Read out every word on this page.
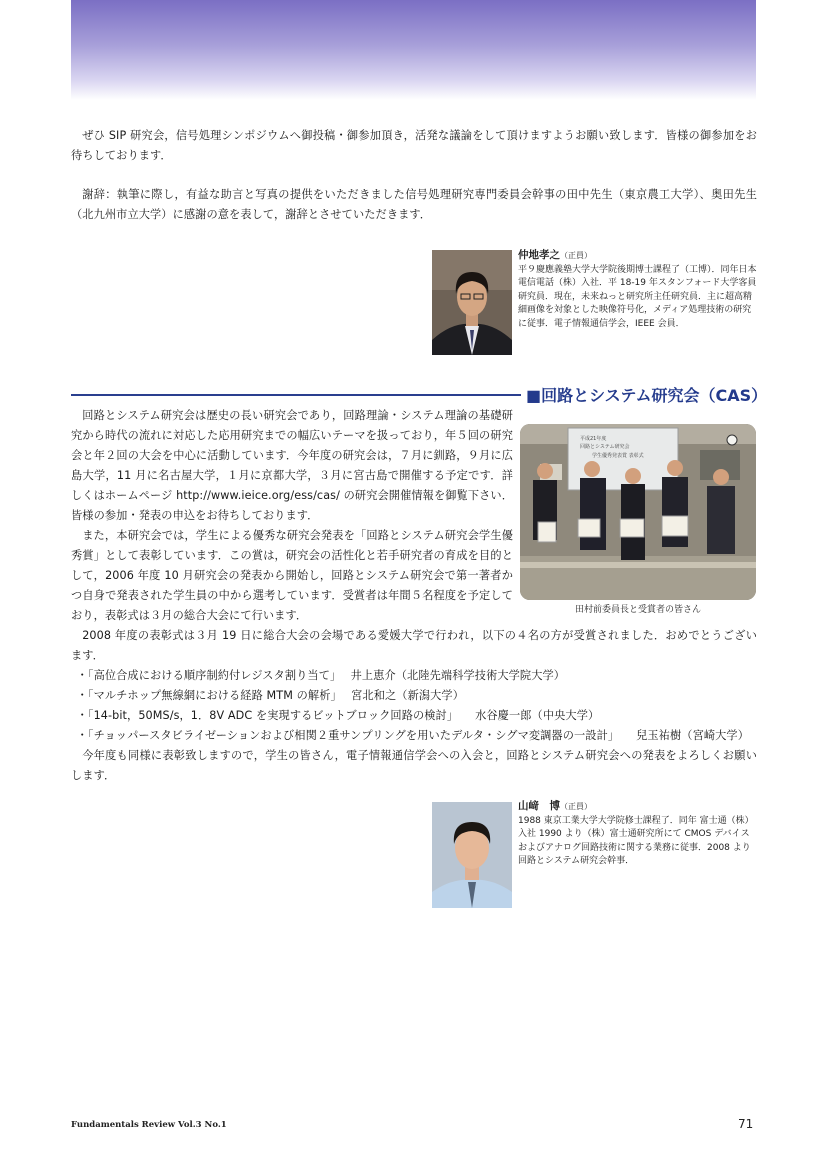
ぜひ SIP 研究会，信号処理シンポジウムへ御投稿・御参加頂き，活発な議論をして頂けますようお願い致します．皆様の御参加をお待ちしております．

謝辞：執筆に際し，有益な助言と写真の提供をいただきました信号処理研究専門委員会幹事の田中先生（東京農工大学）、奥田先生（北九州市立大学）に感謝の意を表して，謝辞とさせていただきます．

仲地孝之（正員）
平９慶應義塾大学大学院後期博士課程了（工博）．同年日本電信電話（株）入社．平 18-19 年スタンフォード大学客員研究員．現在，未来ねっと研究所主任研究員．主に超高精細画像を対象とした映像符号化，メディア処理技術の研究に従事．電子情報通信学会，IEEE 会員．
■回路とシステム研究会（CAS）
回路とシステム研究会は歴史の長い研究会であり，回路理論・システム理論の基礎研究から時代の流れに対応した応用研究までの幅広いテーマを扱っており，年５回の研究会と年２回の大会を中心に活動しています．今年度の研究会は，７月に釧路，９月に広島大学，11 月に名古屋大学，１月に京都大学，３月に宮古島で開催する予定です．詳しくはホームページ http://www.ieice.org/ess/cas/ の研究会開催情報を御覧下さい．皆様の参加・発表の申込をお待ちしております．
また，本研究会では，学生による優秀な研究会発表を「回路とシステム研究会学生優秀賞」として表彰しています．この賞は，研究会の活性化と若手研究者の育成を目的として，2006 年度 10 月研究会の発表から開始し，回路とシステム研究会で第一著者かつ自身で発表された学生員の中から選考しています．受賞者は年間５名程度を予定しており，表彰式は３月の総合大会にて行います．
平成21年度
回路とシステム研究会
学生優秀発表賞 表彰式
田村前委員長と受賞者の皆さん
2008 年度の表彰式は３月 19 日に総合大会の会場である愛媛大学で行われ，以下の４名の方が受賞されました．おめでとうございます．
・「高位合成における順序制約付レジスタ割り当て」　 井上恵介（北陸先端科学技術大学院大学）
・「マルチホップ無線網における経路 MTM の解析」　 宮北和之（新潟大学）
・「14-bit，50MS/s，1．8V ADC を実現するビットブロック回路の検討」　　水谷慶一郎（中央大学）
・「チョッパースタビライゼーションおよび相関２重サンプリングを用いたデルタ・シグマ変調器の一設計」　　兒玉祐樹（宮崎大学）
今年度も同様に表彰致しますので，学生の皆さん，電子情報通信学会への入会と，回路とシステム研究会への発表をよろしくお願いします．
山﨑　博（正員）
1988 東京工業大学大学院修士課程了．同年 富士通（株）入社 1990 より（株）富士通研究所にて CMOS デバイスおよびアナログ回路技術に関する業務に従事．2008 より回路とシステム研究会幹事．
Fundamentals Review Vol.3 No.1	71
